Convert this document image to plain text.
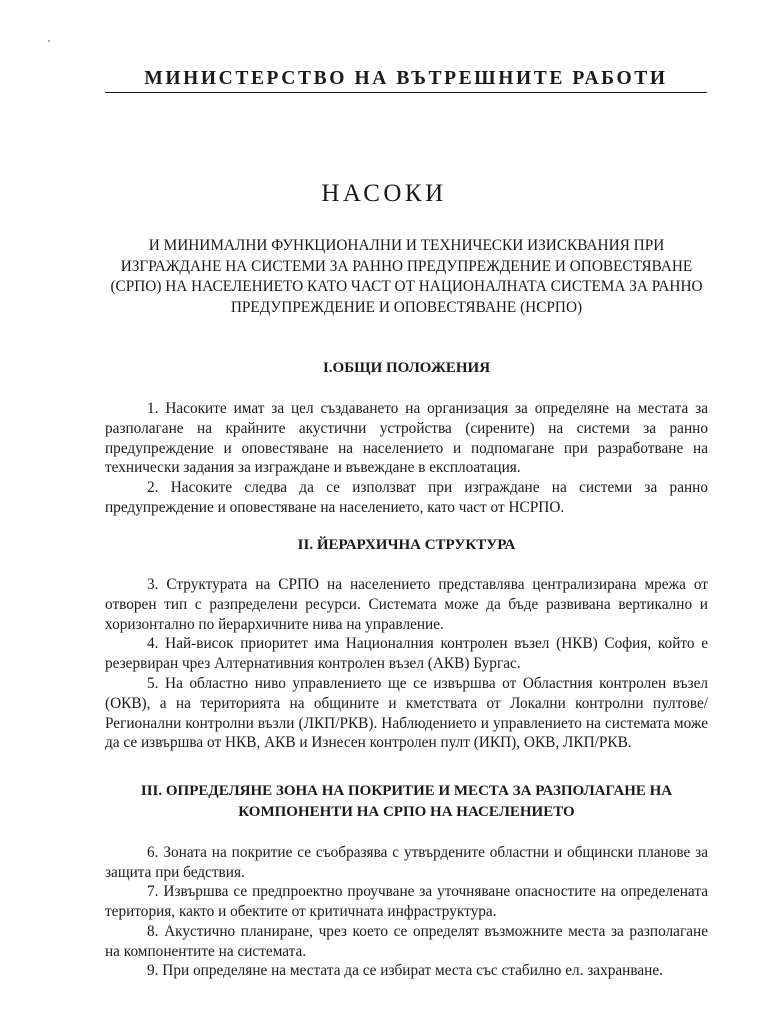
МИНИСТЕРСТВО НА ВЪТРЕШНИТЕ РАБОТИ
НАСОКИ
И МИНИМАЛНИ ФУНКЦИОНАЛНИ И ТЕХНИЧЕСКИ ИЗИСКВАНИЯ ПРИ ИЗГРАЖДАНЕ НА СИСТЕМИ ЗА РАННО ПРЕДУПРЕЖДЕНИЕ И ОПОВЕСТЯВАНЕ (СРПО) НА НАСЕЛЕНИЕТО КАТО ЧАСТ ОТ НАЦИОНАЛНАТА СИСТЕМА ЗА РАННО ПРЕДУПРЕЖДЕНИЕ И ОПОВЕСТЯВАНЕ (НСРПО)
І.ОБЩИ ПОЛОЖЕНИЯ
1. Насоките имат за цел създаването на организация за определяне на местата за разполагане на крайните акустични устройства (сирените) на системи за ранно предупреждение и оповестяване на населението и подпомагане при разработване на технически задания за изграждане и въвеждане в експлоатация.
2. Насоките следва да се използват при изграждане на системи за ранно предупреждение и оповестяване на населението, като част от НСРПО.
ІІ. ЙЕРАРХИЧНА СТРУКТУРА
3. Структурата на СРПО на населението представлява централизирана мрежа от отворен тип с разпределени ресурси. Системата може да бъде развивана вертикално и хоризонтално по йерархичните нива на управление.
4. Най-висок приоритет има Националния контролен възел (НКВ) София, който е резервиран чрез Алтернативния контролен възел (АКВ) Бургас.
5. На областно ниво управлението ще се извършва от Областния контролен възел (ОКВ), а на територията на общините и кметствата от Локални контролни пултове/Регионални контролни възли (ЛКП/РКВ). Наблюдението и управлението на системата може да се извършва от НКВ, АКВ и Изнесен контролен пулт (ИКП), ОКВ, ЛКП/РКВ.
ІІІ. ОПРЕДЕЛЯНЕ ЗОНА НА ПОКРИТИЕ И МЕСТА ЗА РАЗПОЛАГАНЕ НА КОМПОНЕНТИ НА СРПО НА НАСЕЛЕНИЕТО
6. Зоната на покритие се съобразява с утвърдените областни и общински планове за защита при бедствия.
7. Извършва се предпроектно проучване за уточняване опасностите на определената територия, както и обектите от критичната инфраструктура.
8. Акустично планиране, чрез което се определят възможните места за разполагане на компонентите на системата.
9. При определяне на местата да се избират места със стабилно ел. захранване.
